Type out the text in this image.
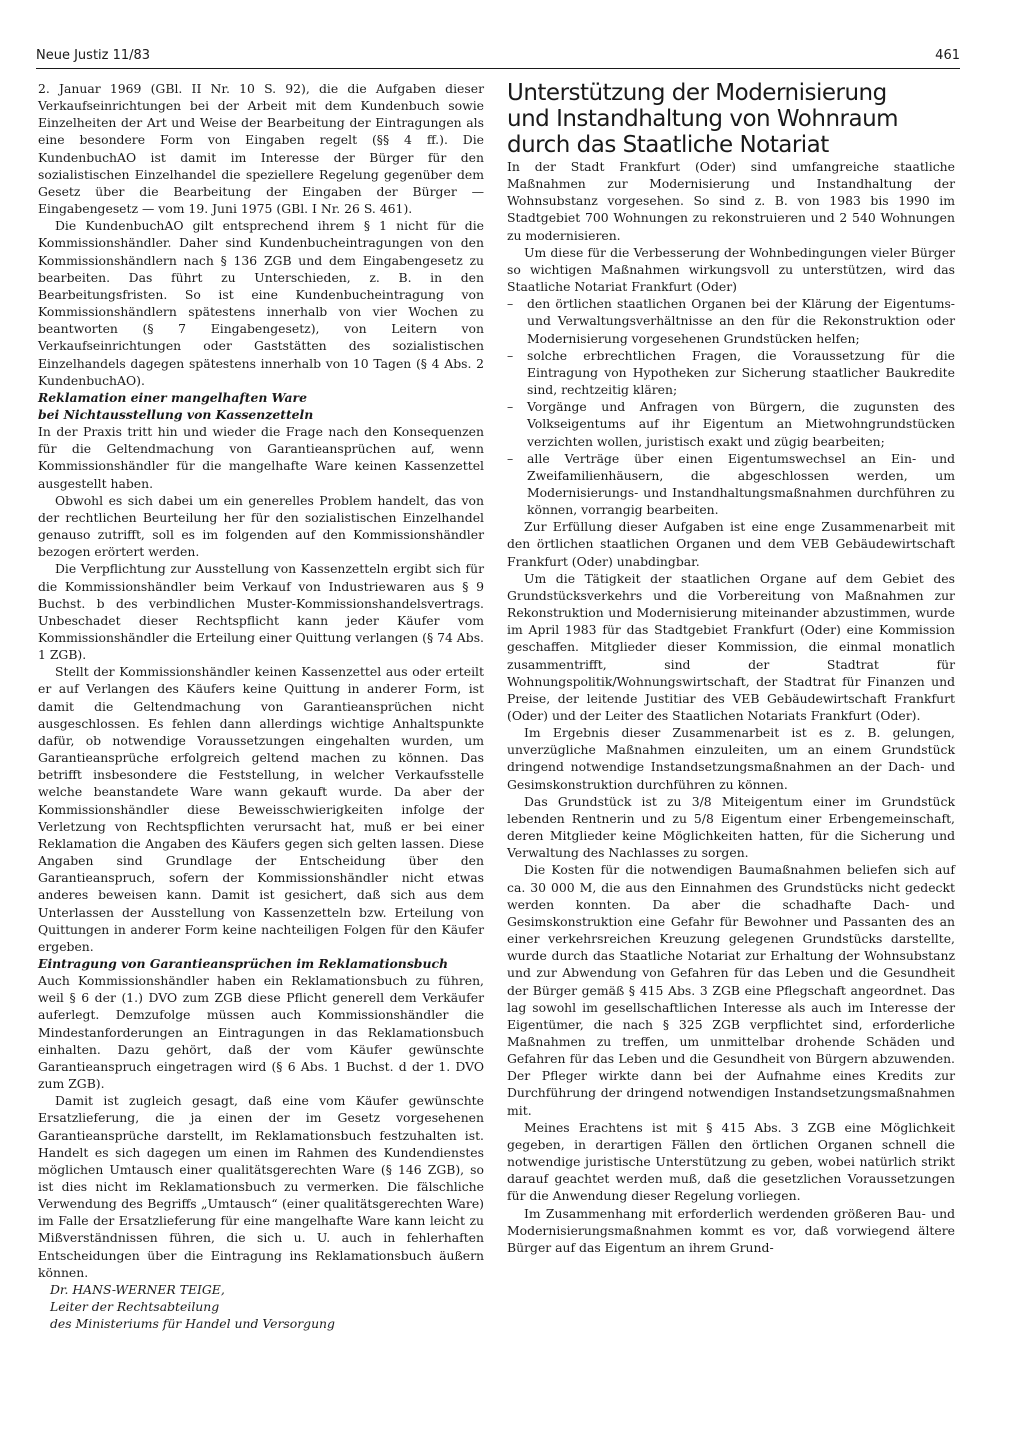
Neue Justiz 11/83	461

2. Januar 1969 (GBl. II Nr. 10 S. 92), die die Aufgaben dieser Verkaufseinrichtungen bei der Arbeit mit dem Kundenbuch sowie Einzelheiten der Art und Weise der Bearbeitung der Eintragungen als eine besondere Form von Eingaben regelt (§§ 4 ff.). Die KundenbuchAO ist damit im Interesse der Bürger für den sozialistischen Einzelhandel die speziellere Regelung gegenüber dem Gesetz über die Bearbeitung der Eingaben der Bürger — Eingabengesetz — vom 19. Juni 1975 (GBl. I Nr. 26 S. 461).

Die KundenbuchAO gilt entsprechend ihrem § 1 nicht für die Kommissionshändler. Daher sind Kundenbucheintragungen von den Kommissionshändlern nach § 136 ZGB und dem Eingabengesetz zu bearbeiten. Das führt zu Unterschieden, z. B. in den Bearbeitungsfristen. So ist eine Kundenbucheintragung von Kommissionshändlern spätestens innerhalb von vier Wochen zu beantworten (§ 7 Eingabengesetz), von Leitern von Verkaufseinrichtungen oder Gaststätten des sozialistischen Einzelhandels dagegen spätestens innerhalb von 10 Tagen (§ 4 Abs. 2 KundenbuchAO).

Reklamation einer mangelhaften Ware
bei Nichtausstellung von Kassenzetteln

In der Praxis tritt hin und wieder die Frage nach den Konsequenzen für die Geltendmachung von Garantieansprüchen auf, wenn Kommissionshändler für die mangelhafte Ware keinen Kassenzettel ausgestellt haben.

Obwohl es sich dabei um ein generelles Problem handelt, das von der rechtlichen Beurteilung her für den sozialistischen Einzelhandel genauso zutrifft, soll es im folgenden auf den Kommissionshändler bezogen erörtert werden.

Die Verpflichtung zur Ausstellung von Kassenzetteln ergibt sich für die Kommissionshändler beim Verkauf von Industriewaren aus § 9 Buchst. b des verbindlichen Muster-Kommissionshandelsvertrags. Unbeschadet dieser Rechtspflicht kann jeder Käufer vom Kommissionshändler die Erteilung einer Quittung verlangen (§ 74 Abs. 1 ZGB).

Stellt der Kommissionshändler keinen Kassenzettel aus oder erteilt er auf Verlangen des Käufers keine Quittung in anderer Form, ist damit die Geltendmachung von Garantieansprüchen nicht ausgeschlossen. Es fehlen dann allerdings wichtige Anhaltspunkte dafür, ob notwendige Voraussetzungen eingehalten wurden, um Garantieansprüche erfolgreich geltend machen zu können. Das betrifft insbesondere die Feststellung, in welcher Verkaufsstelle welche beanstandete Ware wann gekauft wurde. Da aber der Kommissionshändler diese Beweisschwierigkeiten infolge der Verletzung von Rechtspflichten verursacht hat, muß er bei einer Reklamation die Angaben des Käufers gegen sich gelten lassen. Diese Angaben sind Grundlage der Entscheidung über den Garantieanspruch, sofern der Kommissionshändler nicht etwas anderes beweisen kann. Damit ist gesichert, daß sich aus dem Unterlassen der Ausstellung von Kassenzetteln bzw. Erteilung von Quittungen in anderer Form keine nachteiligen Folgen für den Käufer ergeben.

Eintragung von Garantieansprüchen im Reklamationsbuch

Auch Kommissionshändler haben ein Reklamationsbuch zu führen, weil § 6 der (1.) DVO zum ZGB diese Pflicht generell dem Verkäufer auferlegt. Demzufolge müssen auch Kommissionshändler die Mindestanforderungen an Eintragungen in das Reklamationsbuch einhalten. Dazu gehört, daß der vom Käufer gewünschte Garantieanspruch eingetragen wird (§ 6 Abs. 1 Buchst. d der 1. DVO zum ZGB).

Damit ist zugleich gesagt, daß eine vom Käufer gewünschte Ersatzlieferung, die ja einen der im Gesetz vorgesehenen Garantieansprüche darstellt, im Reklamationsbuch festzuhalten ist. Handelt es sich dagegen um einen im Rahmen des Kundendienstes möglichen Umtausch einer qualitätsgerechten Ware (§ 146 ZGB), so ist dies nicht im Reklamationsbuch zu vermerken. Die fälschliche Verwendung des Begriffs „Umtausch“ (einer qualitätsgerechten Ware) im Falle der Ersatzlieferung für eine mangelhafte Ware kann leicht zu Mißverständnissen führen, die sich u. U. auch in fehlerhaften Entscheidungen über die Eintragung ins Reklamationsbuch äußern können.

Dr. HANS-WERNER TEIGE,
Leiter der Rechtsabteilung
des Ministeriums für Handel und Versorgung
Unterstützung der Modernisierung
und Instandhaltung von Wohnraum
durch das Staatliche Notariat

In der Stadt Frankfurt (Oder) sind umfangreiche staatliche Maßnahmen zur Modernisierung und Instandhaltung der Wohnsubstanz vorgesehen. So sind z. B. von 1983 bis 1990 im Stadtgebiet 700 Wohnungen zu rekonstruieren und 2 540 Wohnungen zu modernisieren.

Um diese für die Verbesserung der Wohnbedingungen vieler Bürger so wichtigen Maßnahmen wirkungsvoll zu unterstützen, wird das Staatliche Notariat Frankfurt (Oder)

– den örtlichen staatlichen Organen bei der Klärung der Eigentums- und Verwaltungsverhältnisse an den für die Rekonstruktion oder Modernisierung vorgesehenen Grundstücken helfen;
– solche erbrechtlichen Fragen, die Voraussetzung für die Eintragung von Hypotheken zur Sicherung staatlicher Baukredite sind, rechtzeitig klären;
– Vorgänge und Anfragen von Bürgern, die zugunsten des Volkseigentums auf ihr Eigentum an Mietwohngrundstücken verzichten wollen, juristisch exakt und zügig bearbeiten;
– alle Verträge über einen Eigentumswechsel an Ein- und Zweifamilienhäusern, die abgeschlossen werden, um Modernisierungs- und Instandhaltungsmaßnahmen durchführen zu können, vorrangig bearbeiten.

Zur Erfüllung dieser Aufgaben ist eine enge Zusammenarbeit mit den örtlichen staatlichen Organen und dem VEB Gebäudewirtschaft Frankfurt (Oder) unabdingbar.

Um die Tätigkeit der staatlichen Organe auf dem Gebiet des Grundstücksverkehrs und die Vorbereitung von Maßnahmen zur Rekonstruktion und Modernisierung miteinander abzustimmen, wurde im April 1983 für das Stadtgebiet Frankfurt (Oder) eine Kommission geschaffen. Mitglieder dieser Kommission, die einmal monatlich zusammentrifft, sind der Stadtrat für Wohnungspolitik/Wohnungswirtschaft, der Stadtrat für Finanzen und Preise, der leitende Justitiar des VEB Gebäudewirtschaft Frankfurt (Oder) und der Leiter des Staatlichen Notariats Frankfurt (Oder).

Im Ergebnis dieser Zusammenarbeit ist es z. B. gelungen, unverzügliche Maßnahmen einzuleiten, um an einem Grundstück dringend notwendige Instandsetzungsmaßnahmen an der Dach- und Gesimskonstruktion durchführen zu können.

Das Grundstück ist zu 3/8 Miteigentum einer im Grundstück lebenden Rentnerin und zu 5/8 Eigentum einer Erbengemeinschaft, deren Mitglieder keine Möglichkeiten hatten, für die Sicherung und Verwaltung des Nachlasses zu sorgen.

Die Kosten für die notwendigen Baumaßnahmen beliefen sich auf ca. 30 000 M, die aus den Einnahmen des Grundstücks nicht gedeckt werden konnten. Da aber die schadhafte Dach- und Gesimskonstruktion eine Gefahr für Bewohner und Passanten des an einer verkehrsreichen Kreuzung gelegenen Grundstücks darstellte, wurde durch das Staatliche Notariat zur Erhaltung der Wohnsubstanz und zur Abwendung von Gefahren für das Leben und die Gesundheit der Bürger gemäß § 415 Abs. 3 ZGB eine Pflegschaft angeordnet. Das lag sowohl im gesellschaftlichen Interesse als auch im Interesse der Eigentümer, die nach § 325 ZGB verpflichtet sind, erforderliche Maßnahmen zu treffen, um unmittelbar drohende Schäden und Gefahren für das Leben und die Gesundheit von Bürgern abzuwenden. Der Pfleger wirkte dann bei der Aufnahme eines Kredits zur Durchführung der dringend notwendigen Instandsetzungsmaßnahmen mit.

Meines Erachtens ist mit § 415 Abs. 3 ZGB eine Möglichkeit gegeben, in derartigen Fällen den örtlichen Organen schnell die notwendige juristische Unterstützung zu geben, wobei natürlich strikt darauf geachtet werden muß, daß die gesetzlichen Voraussetzungen für die Anwendung dieser Regelung vorliegen.

Im Zusammenhang mit erforderlich werdenden größeren Bau- und Modernisierungsmaßnahmen kommt es vor, daß vorwiegend ältere Bürger auf das Eigentum an ihrem Grund-
